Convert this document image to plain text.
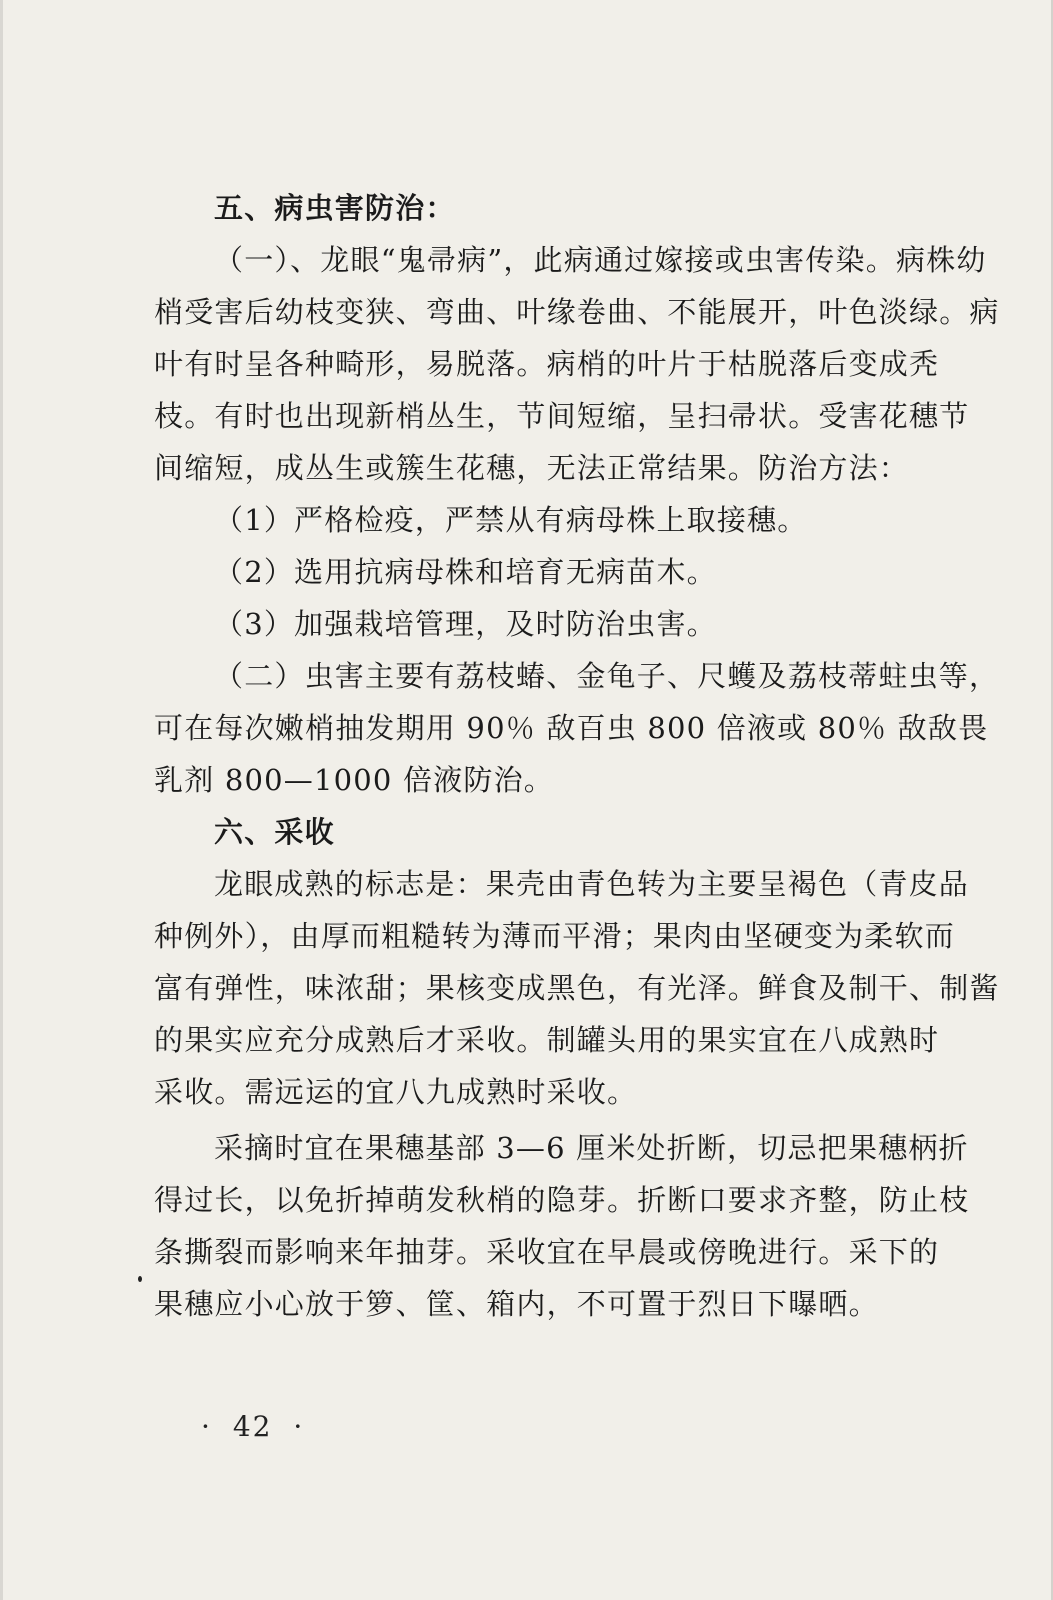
五、病虫害防治：
（一）、龙眼“鬼帚病”，此病通过嫁接或虫害传染。病株幼
梢受害后幼枝变狭、弯曲、叶缘卷曲、不能展开，叶色淡绿。病
叶有时呈各种畸形，易脱落。病梢的叶片于枯脱落后变成秃
枝。有时也出现新梢丛生，节间短缩，呈扫帚状。受害花穗节
间缩短，成丛生或簇生花穗，无法正常结果。防治方法：
（1）严格检疫，严禁从有病母株上取接穗。
（2）选用抗病母株和培育无病苗木。
（3）加强栽培管理，及时防治虫害。
（二）虫害主要有荔枝蝽、金龟子、尺蠖及荔枝蒂蛀虫等，
可在每次嫩梢抽发期用 90％ 敌百虫 800 倍液或 80％ 敌敌畏
乳剂 800—1000 倍液防治。
六、采收
龙眼成熟的标志是：果壳由青色转为主要呈褐色（青皮品
种例外），由厚而粗糙转为薄而平滑；果肉由坚硬变为柔软而
富有弹性，味浓甜；果核变成黑色，有光泽。鲜食及制干、制酱
的果实应充分成熟后才采收。制罐头用的果实宜在八成熟时
采收。需远运的宜八九成熟时采收。
采摘时宜在果穗基部 3—6 厘米处折断，切忌把果穗柄折
得过长，以免折掉萌发秋梢的隐芽。折断口要求齐整，防止枝
条撕裂而影响来年抽芽。采收宜在早晨或傍晚进行。采下的
果穗应小心放于箩、筐、箱内，不可置于烈日下曝晒。
· 42 ·
